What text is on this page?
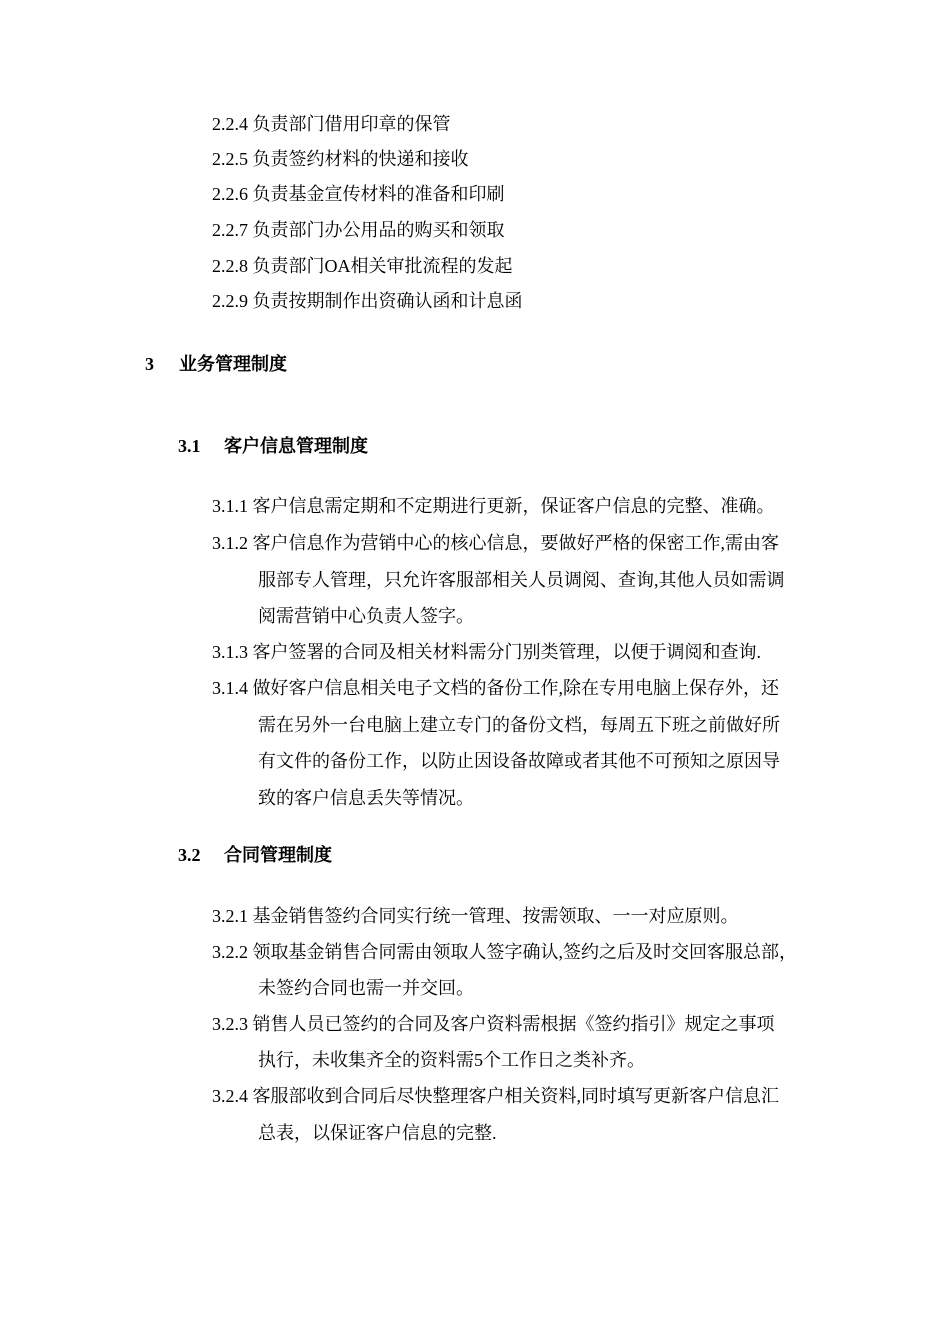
2.2.4 负责部门借用印章的保管
2.2.5 负责签约材料的快递和接收
2.2.6 负责基金宣传材料的准备和印刷
2.2.7 负责部门办公用品的购买和领取
2.2.8 负责部门OA相关审批流程的发起
2.2.9 负责按期制作出资确认函和计息函
3 业务管理制度
3.1 客户信息管理制度
3.1.1 客户信息需定期和不定期进行更新，保证客户信息的完整、准确。
3.1.2 客户信息作为营销中心的核心信息，要做好严格的保密工作,需由客
服部专人管理，只允许客服部相关人员调阅、查询,其他人员如需调
阅需营销中心负责人签字。
3.1.3 客户签署的合同及相关材料需分门别类管理，以便于调阅和查询.
3.1.4 做好客户信息相关电子文档的备份工作,除在专用电脑上保存外，还
需在另外一台电脑上建立专门的备份文档，每周五下班之前做好所
有文件的备份工作，以防止因设备故障或者其他不可预知之原因导
致的客户信息丢失等情况。
3.2 合同管理制度
3.2.1 基金销售签约合同实行统一管理、按需领取、一一对应原则。
3.2.2 领取基金销售合同需由领取人签字确认,签约之后及时交回客服总部，
未签约合同也需一并交回。
3.2.3 销售人员已签约的合同及客户资料需根据《签约指引》规定之事项
执行，未收集齐全的资料需5个工作日之类补齐。
3.2.4 客服部收到合同后尽快整理客户相关资料,同时填写更新客户信息汇
总表，以保证客户信息的完整.
